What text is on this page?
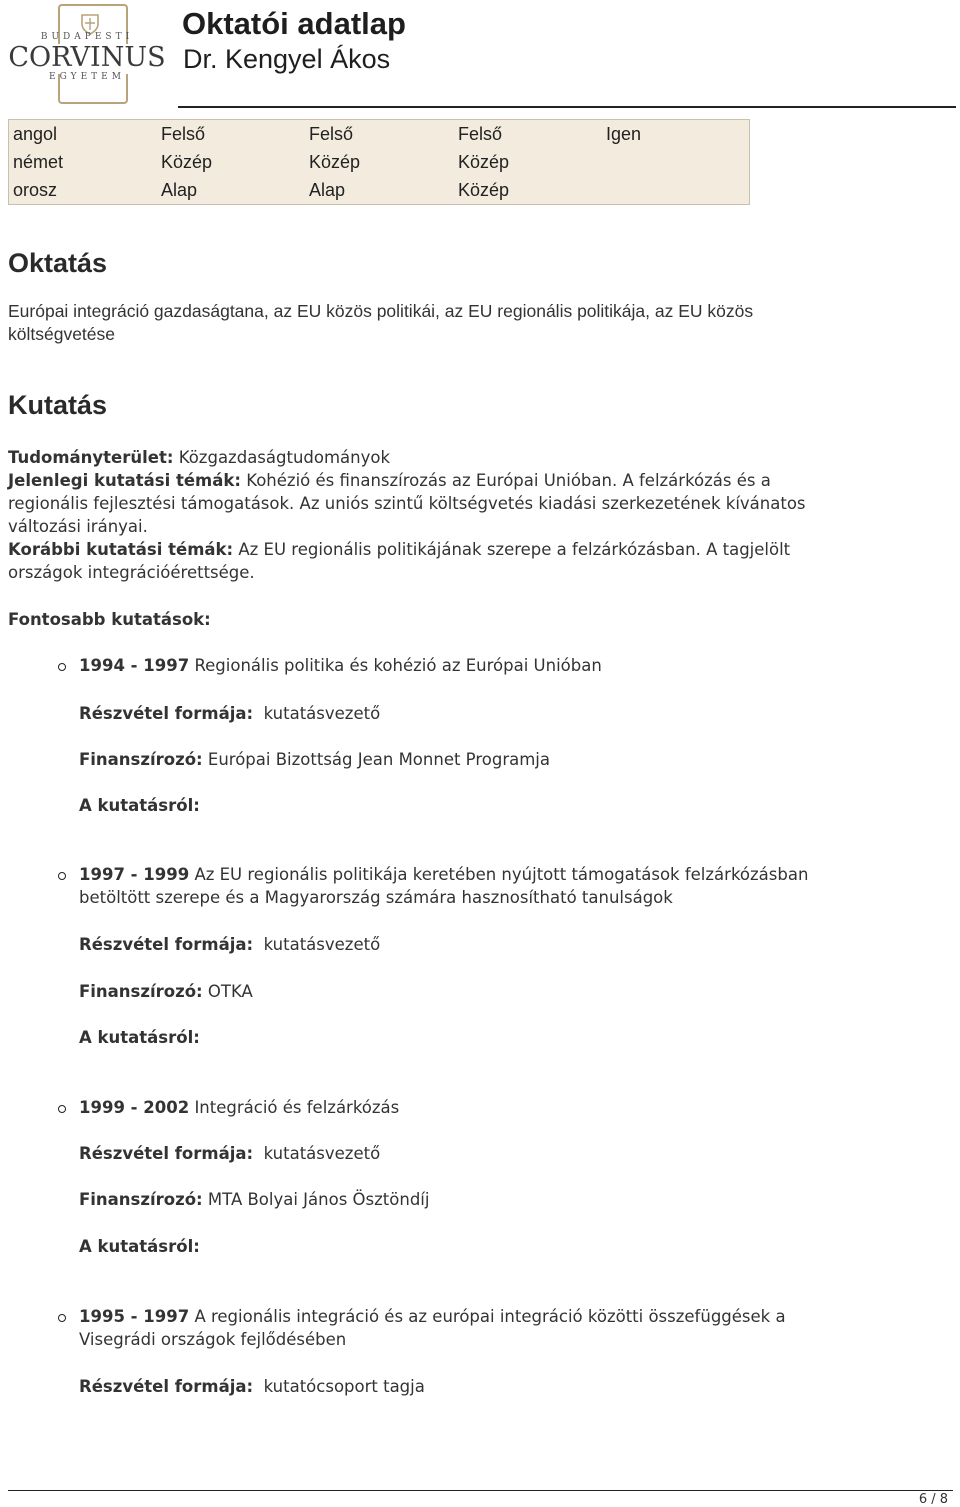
BUDAPESTI
CORVINUS
EGYETEM
Oktatói adatlap
Dr. Kengyel Ákos
angol	Felső	Felső	Felső	Igen
német	Közép	Közép	Közép	
orosz	Alap	Alap	Közép	
Oktatás
Európai integráció gazdaságtana, az EU közös politikái, az EU regionális politikája, az EU közös
költségvetése
Kutatás
Tudományterület: Közgazdaságtudományok
Jelenlegi kutatási témák: Kohézió és finanszírozás az Európai Unióban. A felzárkózás és a
regionális fejlesztési támogatások. Az uniós szintű költségvetés kiadási szerkezetének kívánatos
változási irányai.
Korábbi kutatási témák: Az EU regionális politikájának szerepe a felzárkózásban. A tagjelölt
országok integrációérettsége.
Fontosabb kutatások:
1994 - 1997 Regionális politika és kohézió az Európai Unióban
Részvétel formája: kutatásvezető
Finanszírozó: Európai Bizottság Jean Monnet Programja
A kutatásról:
1997 - 1999 Az EU regionális politikája keretében nyújtott támogatások felzárkózásban
betöltött szerepe és a Magyarország számára hasznosítható tanulságok
Részvétel formája: kutatásvezető
Finanszírozó: OTKA
A kutatásról:
1999 - 2002 Integráció és felzárkózás
Részvétel formája: kutatásvezető
Finanszírozó: MTA Bolyai János Ösztöndíj
A kutatásról:
1995 - 1997 A regionális integráció és az európai integráció közötti összefüggések a
Visegrádi országok fejlődésében
Részvétel formája: kutatócsoport tagja
6 / 8
